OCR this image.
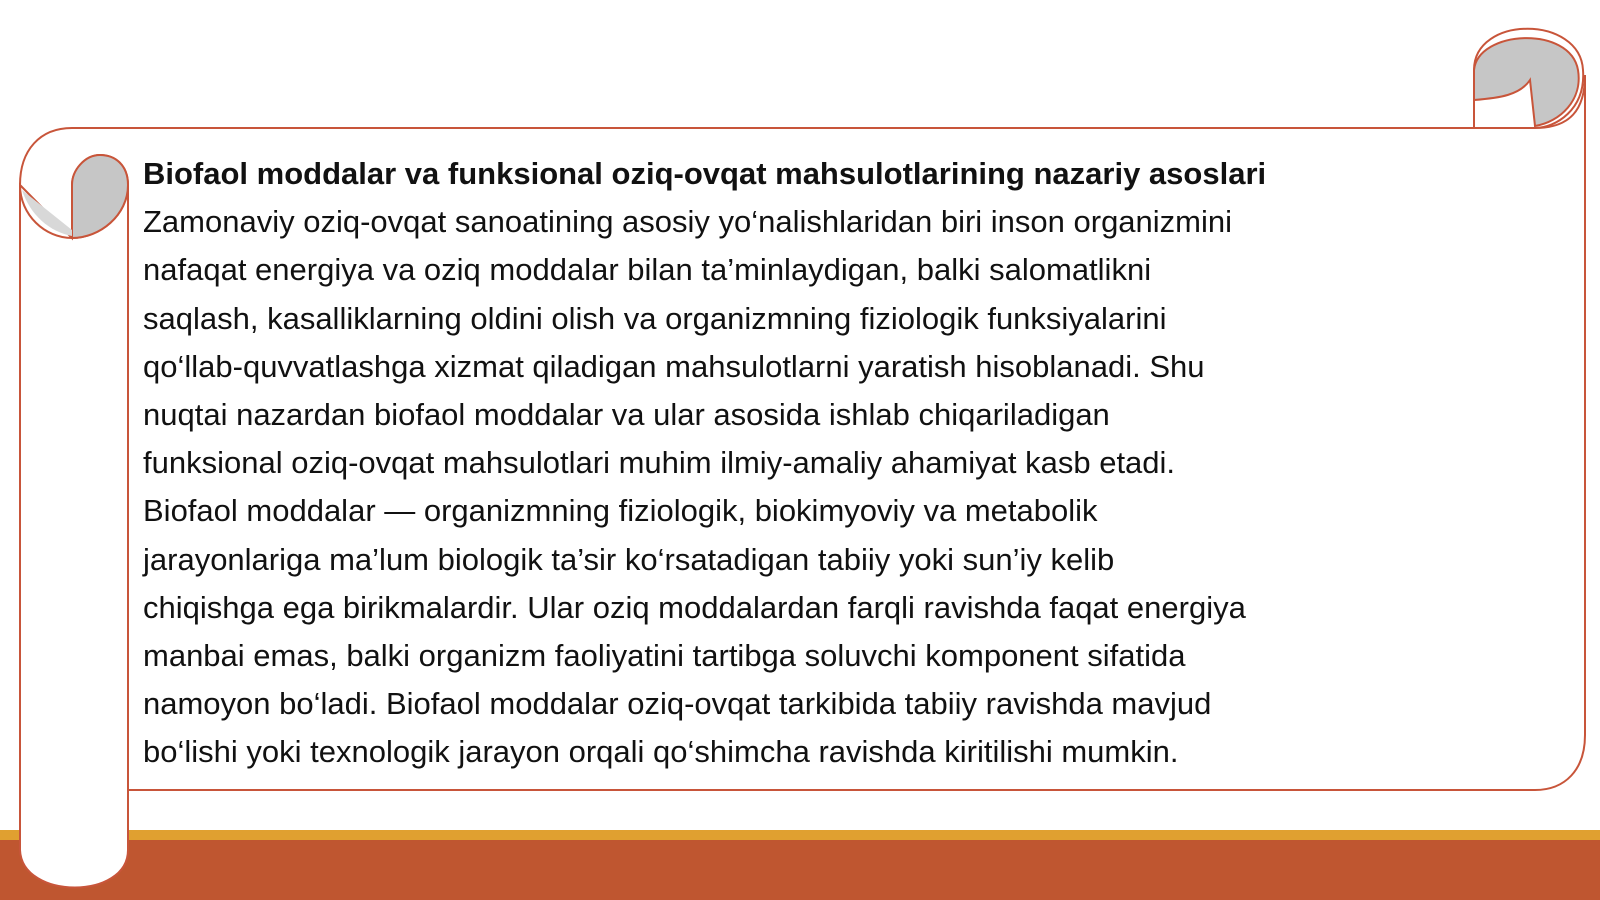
Biofaol moddalar va funksional oziq-ovqat mahsulotlarining nazariy asoslari

Zamonaviy oziq-ovqat sanoatining asosiy yo‘nalishlaridan biri inson organizmini
nafaqat energiya va oziq moddalar bilan ta’minlaydigan, balki salomatlikni
saqlash, kasalliklarning oldini olish va organizmning fiziologik funksiyalarini
qo‘llab-quvvatlashga xizmat qiladigan mahsulotlarni yaratish hisoblanadi. Shu
nuqtai nazardan biofaol moddalar va ular asosida ishlab chiqariladigan
funksional oziq-ovqat mahsulotlari muhim ilmiy-amaliy ahamiyat kasb etadi.
Biofaol moddalar — organizmning fiziologik, biokimyoviy va metabolik
jarayonlariga ma’lum biologik ta’sir ko‘rsatadigan tabiiy yoki sun’iy kelib
chiqishga ega birikmalardir. Ular oziq moddalardan farqli ravishda faqat energiya
manbai emas, balki organizm faoliyatini tartibga soluvchi komponent sifatida
namoyon bo‘ladi. Biofaol moddalar oziq-ovqat tarkibida tabiiy ravishda mavjud
bo‘lishi yoki texnologik jarayon orqali qo‘shimcha ravishda kiritilishi mumkin.
